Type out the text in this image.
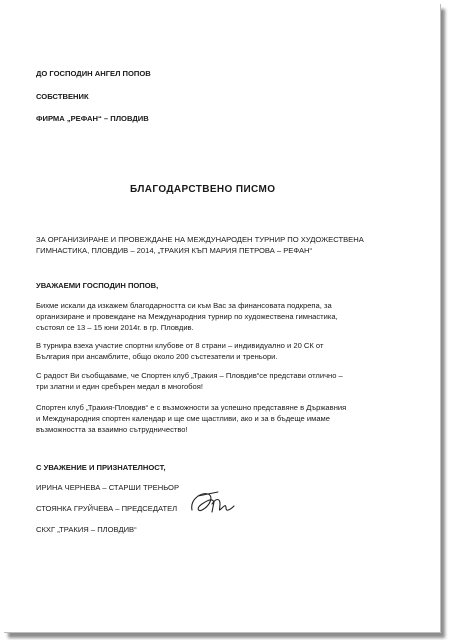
ДО ГОСПОДИН АНГЕЛ ПОПОВ
СОБСТВЕНИК
ФИРМА „РЕФАН“ – ПЛОВДИВ
БЛАГОДАРСТВЕНО ПИСМО
ЗА ОРГАНИЗИРАНЕ И ПРОВЕЖДАНЕ НА МЕЖДУНАРОДЕН ТУРНИР ПО ХУДОЖЕСТВЕНА
ГИМНАСТИКА, ПЛОВДИВ – 2014, „ТРАКИЯ КЪП МАРИЯ ПЕТРОВА – РЕФАН“
УВАЖАЕМИ ГОСПОДИН ПОПОВ,
Бихме искали да изкажем благодарността си към Вас за финансовата подкрепа, за
организиране и провеждане на Международния турнир по художествена гимнастика,
състоял се 13 – 15 юни 2014г. в гр. Пловдив.
В турнира взеха участие спортни клубове от 8 страни – индивидуално и 20 СК от
България при ансамблите, общо около 200 състезатели и треньори.
С радост Ви съобщаваме, че Спортен клуб „Тракия – Пловдив“се представи отлично –
три златни и един сребърен медал в многобоя!
Спортен клуб „Тракия-Пловдив“ е с възможности за успешно представяне в Държавния
и Международния спортен календар и ще сме щастливи, ако и за в бъдеще имаме
възможността за взаимно сътрудничество!
С УВАЖЕНИЕ И ПРИЗНАТЕЛНОСТ,
ИРИНА ЧЕРНЕВА – СТАРШИ ТРЕНЬОР
СТОЯНКА ГРУЙЧЕВА – ПРЕДСЕДАТЕЛ
СКХГ „ТРАКИЯ – ПЛОВДИВ“
